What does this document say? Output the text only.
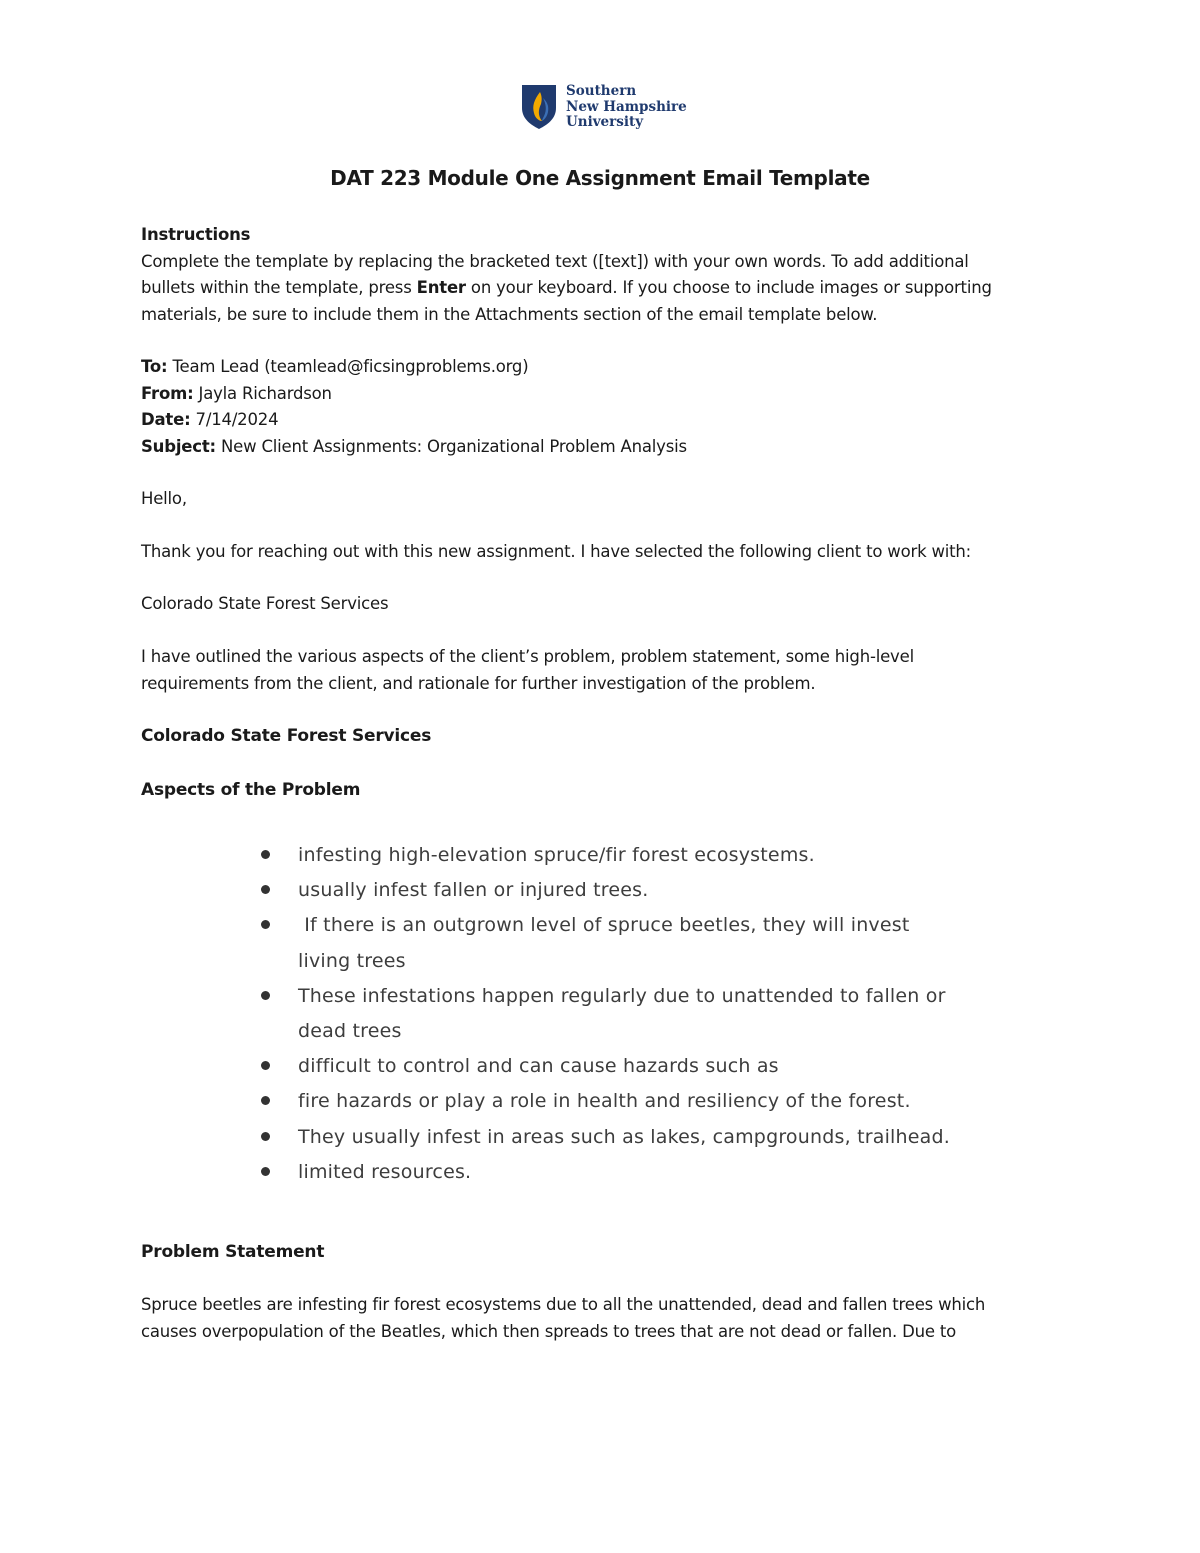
Southern
New Hampshire
University
DAT 223 Module One Assignment Email Template
Instructions
Complete the template by replacing the bracketed text ([text]) with your own words. To add additional
bullets within the template, press Enter on your keyboard. If you choose to include images or supporting
materials, be sure to include them in the Attachments section of the email template below.
To: Team Lead (teamlead@ficsingproblems.org)
From: Jayla Richardson
Date: 7/14/2024
Subject: New Client Assignments: Organizational Problem Analysis
Hello,
Thank you for reaching out with this new assignment. I have selected the following client to work with:
Colorado State Forest Services
I have outlined the various aspects of the client’s problem, problem statement, some high-level
requirements from the client, and rationale for further investigation of the problem.
Colorado State Forest Services
Aspects of the Problem
infesting high-elevation spruce/fir forest ecosystems.
usually infest fallen or injured trees.
If there is an outgrown level of spruce beetles, they will invest
living trees
These infestations happen regularly due to unattended to fallen or
dead trees
difficult to control and can cause hazards such as
fire hazards or play a role in health and resiliency of the forest.
They usually infest in areas such as lakes, campgrounds, trailhead.
limited resources.
Problem Statement
Spruce beetles are infesting fir forest ecosystems due to all the unattended, dead and fallen trees which
causes overpopulation of the Beatles, which then spreads to trees that are not dead or fallen. Due to
